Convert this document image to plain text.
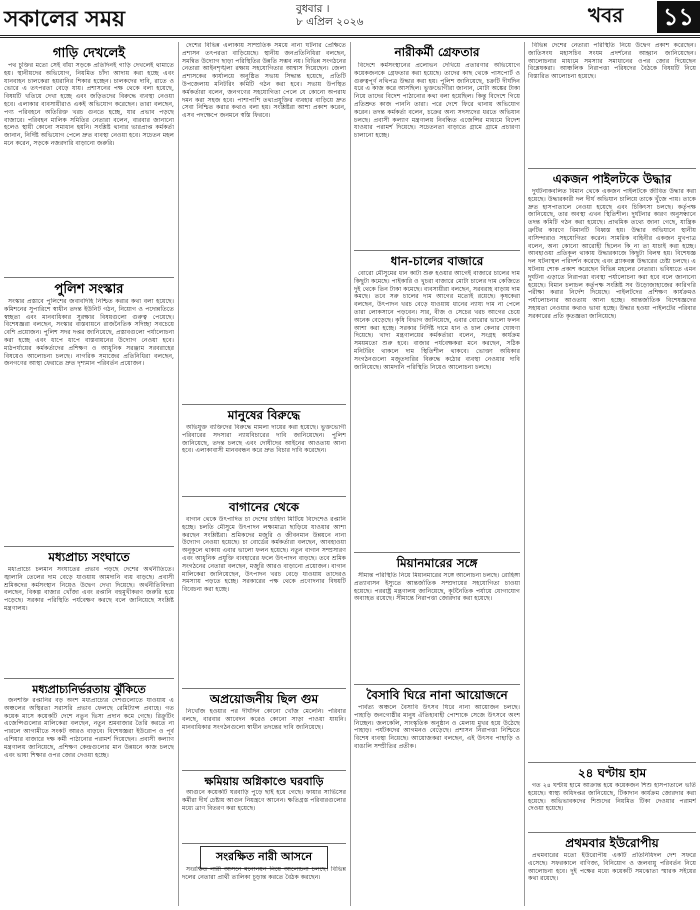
সকালের সময়	বুধবার ।
৮ এপ্রিল ২০২৬	খবর ১১
গাড়ি দেখলেই

পথ চুক্তির মতো সেই বাঁধা সড়কে প্রতিদিনই গাড়ি দেখলেই থামাতে হয়। স্থানীয়দের অভিযোগ, নিয়মিত চাঁদা আদায় করা হচ্ছে এবং যানবাহন চালকেরা হয়রানির শিকার হচ্ছেন। চালকদের দাবি, রাতে ও ভোরে এ তৎপরতা বেড়ে যায়। প্রশাসনের পক্ষ থেকে বলা হয়েছে, বিষয়টি খতিয়ে দেখা হচ্ছে এবং জড়িতদের বিরুদ্ধে ব্যবস্থা নেওয়া হবে। এলাকার ব্যবসায়ীরাও একই অভিযোগ করেছেন। তারা বলছেন, পণ্য পরিবহনে অতিরিক্ত খরচ গুনতে হচ্ছে, যার প্রভাব পড়ছে বাজারে। পরিবহন মালিক সমিতির নেতারা বলেন, বারবার জানানো হলেও স্থায়ী কোনো সমাধান হয়নি। সংশ্লিষ্ট থানার ভারপ্রাপ্ত কর্মকর্তা জানান, নির্দিষ্ট অভিযোগ পেলে দ্রুত ব্যবস্থা নেওয়া হবে। সচেতন মহল মনে করেন, সড়কে নজরদারি বাড়ানো জরুরি।

পুলিশ সংস্কার

সংস্কার প্রস্তাবে পুলিশের জবাবদিহি নিশ্চিত করার কথা বলা হয়েছে। কমিশনের সুপারিশে স্বাধীন তদন্ত ইউনিট গঠন, নিয়োগ ও পদোন্নতিতে স্বচ্ছতা এবং মানবাধিকার সুরক্ষার বিষয়গুলো গুরুত্ব পেয়েছে। বিশেষজ্ঞরা বলছেন, সংস্কার বাস্তবায়নে রাজনৈতিক সদিচ্ছা সবচেয়ে বেশি প্রয়োজন। পুলিশ সদর দপ্তর জানিয়েছে, প্রস্তাবগুলো পর্যালোচনা করা হচ্ছে এবং ধাপে ধাপে বাস্তবায়নের উদ্যোগ নেওয়া হবে। মাঠপর্যায়ের কর্মকর্তাদের প্রশিক্ষণ ও আধুনিক সরঞ্জাম সরবরাহের বিষয়েও আলোচনা চলছে। নাগরিক সমাজের প্রতিনিধিরা বলছেন, জনগণের আস্থা ফেরাতে দ্রুত দৃশ্যমান পরিবর্তন প্রয়োজন।

মধ্যপ্রাচ্য সংঘাতে

মধ্যপ্রাচ্যে চলমান সংঘাতের প্রভাব পড়ছে দেশের অর্থনীতিতে। জ্বালানি তেলের দাম বেড়ে যাওয়ায় আমদানি ব্যয় বাড়ছে। প্রবাসী শ্রমিকদের কর্মসংস্থান নিয়েও উদ্বেগ দেখা দিয়েছে। অর্থনীতিবিদরা বলছেন, বিকল্প বাজার খোঁজা এবং রপ্তানি বহুমুখীকরণ জরুরি হয়ে পড়েছে। সরকার পরিস্থিতি পর্যবেক্ষণ করছে বলে জানিয়েছে সংশ্লিষ্ট মন্ত্রণালয়।

মধ্যপ্রাচ্যনির্ভরতায় ঝুঁকিতে

জনশক্তি রপ্তানির বড় অংশ মধ্যপ্রাচ্যের দেশগুলোতে যাওয়ায় এ অঞ্চলের অস্থিরতা সরাসরি প্রভাব ফেলছে রেমিট্যান্স প্রবাহে। গত কয়েক মাসে কয়েকটি দেশে নতুন ভিসা প্রদান কমে গেছে। রিক্রুটিং এজেন্সিগুলোর মালিকেরা বলছেন, নতুন শ্রমবাজার তৈরি করতে না পারলে আগামীতে সংকট আরও বাড়বে। বিশেষজ্ঞরা ইউরোপ ও পূর্ব এশিয়ার বাজারে দক্ষ কর্মী পাঠানোর পরামর্শ দিয়েছেন। প্রবাসী কল্যাণ মন্ত্রণালয় জানিয়েছে, প্রশিক্ষণ কেন্দ্রগুলোর মান উন্নয়নে কাজ চলছে এবং ভাষা শিক্ষার ওপর জোর দেওয়া হচ্ছে।

দেশের বিভিন্ন এলাকায় সাম্প্রতিক সময়ে নানা ঘটনার প্রেক্ষিতে প্রশাসন তৎপরতা বাড়িয়েছে। স্থানীয় জনপ্রতিনিধিরা বলছেন, সমন্বিত উদ্যোগ ছাড়া পরিস্থিতির উন্নতি সম্ভব নয়। বিভিন্ন সংগঠনের নেতারা আইনশৃঙ্খলা রক্ষায় সহযোগিতার আশ্বাস দিয়েছেন। জেলা প্রশাসকের কার্যালয়ে অনুষ্ঠিত সভায় সিদ্ধান্ত হয়েছে, প্রতিটি উপজেলায় মনিটরিং কমিটি গঠন করা হবে। সভায় উপস্থিত কর্মকর্তারা বলেন, জনগণের সহযোগিতা পেলে যে কোনো অপরাধ দমন করা সহজ হবে। পাশাপাশি তথ্যপ্রযুক্তির ব্যবহার বাড়িয়ে দ্রুত সেবা নিশ্চিত করার কথাও বলা হয়। সংশ্লিষ্টরা আশা প্রকাশ করেন, এসব পদক্ষেপে জনমনে স্বস্তি ফিরবে।

মানুষের বিরুদ্ধে

অভিযুক্ত ব্যক্তিদের বিরুদ্ধে মামলা দায়ের করা হয়েছে। ভুক্তভোগী পরিবারের সদস্যরা ন্যায়বিচারের দাবি জানিয়েছেন। পুলিশ জানিয়েছে, তদন্ত চলছে এবং দোষীদের আইনের আওতায় আনা হবে। এলাকাবাসী মানববন্ধন করে দ্রুত বিচার দাবি করেছেন।

বাগানের থেকে

বাগান থেকে উৎপাদিত চা দেশের চাহিদা মিটিয়ে বিদেশেও রপ্তানি হচ্ছে। চলতি মৌসুমে উৎপাদন লক্ষ্যমাত্রা ছাড়িয়ে যাওয়ার আশা করছেন সংশ্লিষ্টরা। শ্রমিকদের মজুরি ও জীবনমান উন্নয়নে নানা উদ্যোগ নেওয়া হয়েছে। চা বোর্ডের কর্মকর্তারা বলছেন, আবহাওয়া অনুকূলে থাকায় এবার ভালো ফলন হয়েছে। নতুন বাগান সম্প্রসারণ এবং আধুনিক প্রযুক্তি ব্যবহারের ফলে উৎপাদন বাড়ছে। তবে শ্রমিক সংগঠনের নেতারা বলছেন, মজুরি আরও বাড়ানো প্রয়োজন। বাগান মালিকেরা জানিয়েছেন, উৎপাদন খরচ বেড়ে যাওয়ায় তাদেরও সমস্যায় পড়তে হচ্ছে। সরকারের পক্ষ থেকে প্রণোদনার বিষয়টি বিবেচনা করা হচ্ছে।

অপ্রয়োজনীয় ছিল গুম

নিখোঁজ হওয়ার পর দীর্ঘদিন কোনো খোঁজ মেলেনি। পরিবার বলছে, বারবার আবেদন করেও কোনো সাড়া পাওয়া যায়নি। মানবাধিকার সংগঠনগুলো স্বাধীন তদন্তের দাবি জানিয়েছে।

ক্ষমিয়ায় অগ্নিকাণ্ডে ঘরবাড়ি

আগুনে কয়েকটি ঘরবাড়ি পুড়ে ছাই হয়ে গেছে। ফায়ার সার্ভিসের কর্মীরা দীর্ঘ চেষ্টায় আগুন নিয়ন্ত্রণে আনেন। ক্ষতিগ্রস্ত পরিবারগুলোর মধ্যে ত্রাণ বিতরণ করা হয়েছে।

সংরক্ষিত নারী আসনে

সংরক্ষিত নারী আসনে মনোনয়ন নিয়ে আলোচনা চলছে। বিভিন্ন দলের নেতারা প্রার্থী তালিকা চূড়ান্ত করতে বৈঠক করছেন।

নারীকর্মী গ্রেফতার

বিদেশে কর্মসংস্থানের প্রলোভন দেখিয়ে প্রতারণার অভিযোগে কয়েকজনকে গ্রেফতার করা হয়েছে। তাদের কাছ থেকে পাসপোর্ট ও গুরুত্বপূর্ণ নথিপত্র উদ্ধার করা হয়। পুলিশ জানিয়েছে, চক্রটি দীর্ঘদিন ধরে এ কাজ করে আসছিল। ভুক্তভোগীরা জানান, মোটা অঙ্কের টাকা নিয়ে তাদের বিদেশ পাঠানোর কথা বলা হয়েছিল। কিন্তু বিদেশে গিয়ে প্রতিশ্রুত কাজ পাননি তারা। পরে দেশে ফিরে থানায় অভিযোগ করেন। তদন্ত কর্মকর্তা বলেন, চক্রের অন্য সদস্যদের ধরতে অভিযান চলছে। প্রবাসী কল্যাণ মন্ত্রণালয় নিবন্ধিত এজেন্সির মাধ্যমে বিদেশ যাওয়ার পরামর্শ দিয়েছে। সচেতনতা বাড়াতে গ্রামে গ্রামে প্রচারণা চালানো হচ্ছে।

ধান-চালের বাজারে

বোরো মৌসুমের ধান কাটা শুরু হওয়ার আগেই বাজারে চালের দাম কিছুটা কমেছে। পাইকারি ও খুচরা বাজারে মোটা চালের দাম কেজিতে দুই থেকে তিন টাকা কমেছে। ব্যবসায়ীরা বলছেন, সরবরাহ বাড়ায় দাম কমছে। তবে সরু চালের দাম আগের মতোই রয়েছে। কৃষকেরা বলছেন, উৎপাদন খরচ বেড়ে যাওয়ায় ধানের ন্যায্য দাম না পেলে তারা লোকসানে পড়বেন। সার, বীজ ও সেচের খরচ আগের চেয়ে অনেক বেড়েছে। কৃষি বিভাগ জানিয়েছে, এবার বোরোর ভালো ফলন আশা করা হচ্ছে। সরকার নির্দিষ্ট দামে ধান ও চাল কেনার ঘোষণা দিয়েছে। খাদ্য মন্ত্রণালয়ের কর্মকর্তারা বলেন, সংগ্রহ কার্যক্রম সময়মতো শুরু হবে। বাজার পর্যবেক্ষকরা মনে করছেন, সঠিক মনিটরিং থাকলে দাম স্থিতিশীল থাকবে। ভোক্তা অধিকার সংগঠনগুলো মজুতদারির বিরুদ্ধে কঠোর ব্যবস্থা নেওয়ার দাবি জানিয়েছে। আমদানি পরিস্থিতি নিয়েও আলোচনা চলছে।

মিয়ানমারের সঙ্গে

সীমান্ত পরিস্থিতি নিয়ে মিয়ানমারের সঙ্গে আলোচনা চলছে। রোহিঙ্গা প্রত্যাবাসন ইস্যুতে আন্তর্জাতিক সম্প্রদায়ের সহযোগিতা চাওয়া হয়েছে। পররাষ্ট্র মন্ত্রণালয় জানিয়েছে, কূটনৈতিক পর্যায়ে যোগাযোগ অব্যাহত রয়েছে। সীমান্তে নিরাপত্তা জোরদার করা হয়েছে।

বৈসাবি ঘিরে নানা আয়োজনে

পার্বত্য অঞ্চলে বৈসাবি উৎসব ঘিরে নানা আয়োজন চলছে। পাহাড়ি জনগোষ্ঠীর মানুষ ঐতিহ্যবাহী পোশাকে সেজে উৎসবে অংশ নিচ্ছেন। জলকেলি, সাংস্কৃতিক অনুষ্ঠান ও মেলায় মুখর হয়ে উঠেছে পাহাড়। পর্যটকদের আগমনও বেড়েছে। প্রশাসন নিরাপত্তা নিশ্চিতে বিশেষ ব্যবস্থা নিয়েছে। আয়োজকরা বলছেন, এই উৎসব পাহাড়ি ও বাঙালি সম্প্রীতির প্রতীক।

বিভিন্ন দেশের নেতারা পরিস্থিতি নিয়ে উদ্বেগ প্রকাশ করেছেন। জাতিসংঘ মহাসচিব সংযম প্রদর্শনের আহ্বান জানিয়েছেন। আলোচনার মাধ্যমে সমস্যার সমাধানের ওপর জোর দিয়েছেন বিশ্লেষকরা। আঞ্চলিক নিরাপত্তা পরিষদের বৈঠকে বিষয়টি নিয়ে বিস্তারিত আলোচনা হয়েছে।

একজন পাইলটকে উদ্ধার

দুর্ঘটনাকবলিত বিমান থেকে একজন পাইলটকে জীবিত উদ্ধার করা হয়েছে। উদ্ধারকারী দল দীর্ঘ অভিযান চালিয়ে তাকে খুঁজে পায়। তাকে দ্রুত হাসপাতালে নেওয়া হয়েছে এবং চিকিৎসা চলছে। কর্তৃপক্ষ জানিয়েছে, তার অবস্থা এখন স্থিতিশীল। দুর্ঘটনার কারণ অনুসন্ধানে তদন্ত কমিটি গঠন করা হয়েছে। প্রাথমিক তথ্যে জানা গেছে, যান্ত্রিক ত্রুটির কারণে বিমানটি বিধ্বস্ত হয়। উদ্ধার অভিযানে স্থানীয় বাসিন্দারাও সহযোগিতা করেন। সামরিক বাহিনীর একজন মুখপাত্র বলেন, অন্য কোনো আরোহী ছিলেন কি না তা যাচাই করা হচ্ছে। আবহাওয়া প্রতিকূল থাকায় উদ্ধারকাজে কিছুটা বিলম্ব হয়। বিশেষজ্ঞ দল ঘটনাস্থল পরিদর্শন করেছে এবং ব্ল্যাকবক্স উদ্ধারের চেষ্টা চলছে। এ ঘটনায় শোক প্রকাশ করেছেন বিভিন্ন মহলের নেতারা। ভবিষ্যতে এমন দুর্ঘটনা এড়াতে নিরাপত্তা ব্যবস্থা পর্যালোচনা করা হবে বলে জানানো হয়েছে। বিমান চলাচল কর্তৃপক্ষ সংশ্লিষ্ট সব উড়োজাহাজের কারিগরি পরীক্ষা করার নির্দেশ দিয়েছে। পাইলটদের প্রশিক্ষণ কার্যক্রমও পর্যালোচনার আওতায় আনা হচ্ছে। আন্তর্জাতিক বিশেষজ্ঞদের সহায়তা নেওয়ার কথাও ভাবা হচ্ছে। উদ্ধার হওয়া পাইলটের পরিবার সরকারের প্রতি কৃতজ্ঞতা জানিয়েছে।

২৪ ঘণ্টায় হাম

গত ২৪ ঘণ্টায় হামে আক্রান্ত হয়ে কয়েকজন শিশু হাসপাতালে ভর্তি হয়েছে। স্বাস্থ্য অধিদপ্তর জানিয়েছে, টিকাদান কার্যক্রম জোরদার করা হয়েছে। অভিভাবকদের শিশুদের নিয়মিত টিকা দেওয়ার পরামর্শ দেওয়া হয়েছে।

প্রথমবার ইউরোপীয়

প্রথমবারের মতো ইউরোপীয় একটি প্রতিনিধিদল দেশ সফরে এসেছে। সফরকালে বাণিজ্য, বিনিয়োগ ও জলবায়ু পরিবর্তন নিয়ে আলোচনা হবে। দুই পক্ষের মধ্যে কয়েকটি সমঝোতা স্মারক সইয়ের কথা রয়েছে।
